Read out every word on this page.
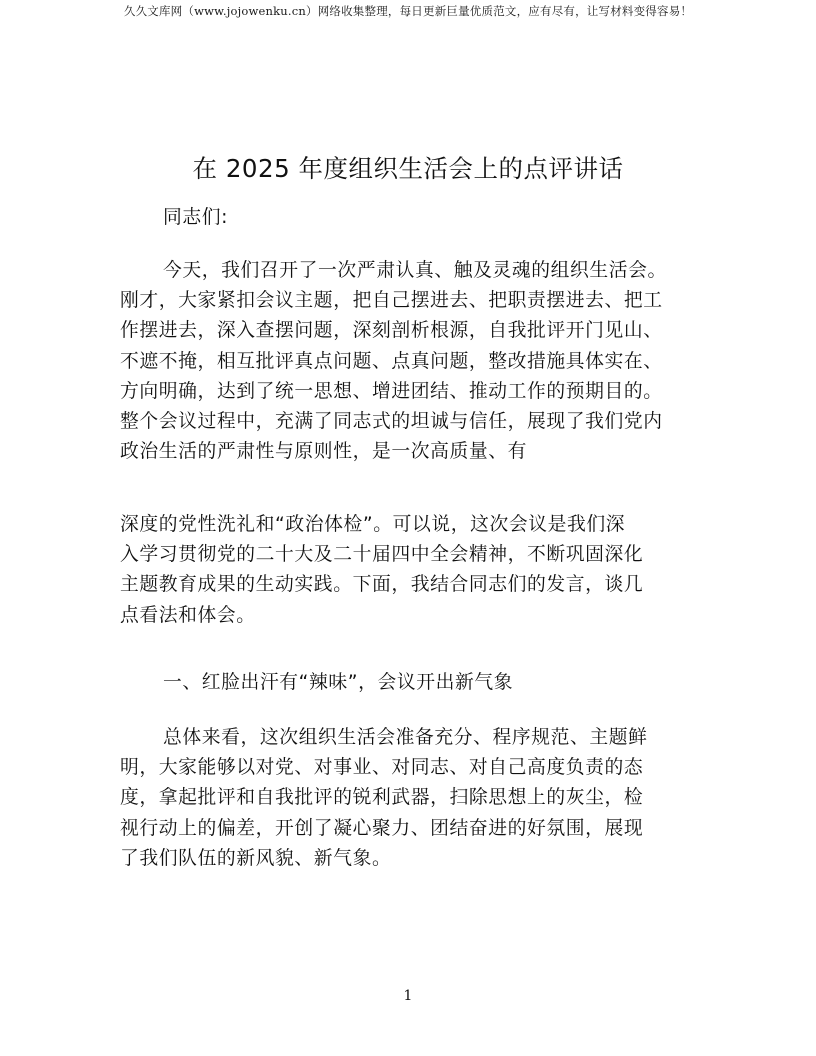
久久文库网（www.jojowenku.cn）网络收集整理，每日更新巨量优质范文，应有尽有，让写材料变得容易！
在 2025 年度组织生活会上的点评讲话
同志们:
今天，我们召开了一次严肃认真、触及灵魂的组织生活会。
刚才，大家紧扣会议主题，把自己摆进去、把职责摆进去、把工
作摆进去，深入查摆问题，深刻剖析根源，自我批评开门见山、
不遮不掩，相互批评真点问题、点真问题，整改措施具体实在、
方向明确，达到了统一思想、增进团结、推动工作的预期目的。
整个会议过程中，充满了同志式的坦诚与信任，展现了我们党内
政治生活的严肃性与原则性，是一次高质量、有
深度的党性洗礼和“政治体检”。可以说，这次会议是我们深
入学习贯彻党的二十大及二十届四中全会精神，不断巩固深化
主题教育成果的生动实践。下面，我结合同志们的发言，谈几
点看法和体会。
一、红脸出汗有“辣味”，会议开出新气象
总体来看，这次组织生活会准备充分、程序规范、主题鲜
明，大家能够以对党、对事业、对同志、对自己高度负责的态
度，拿起批评和自我批评的锐利武器，扫除思想上的灰尘，检
视行动上的偏差，开创了凝心聚力、团结奋进的好氛围，展现
了我们队伍的新风貌、新气象。
1
